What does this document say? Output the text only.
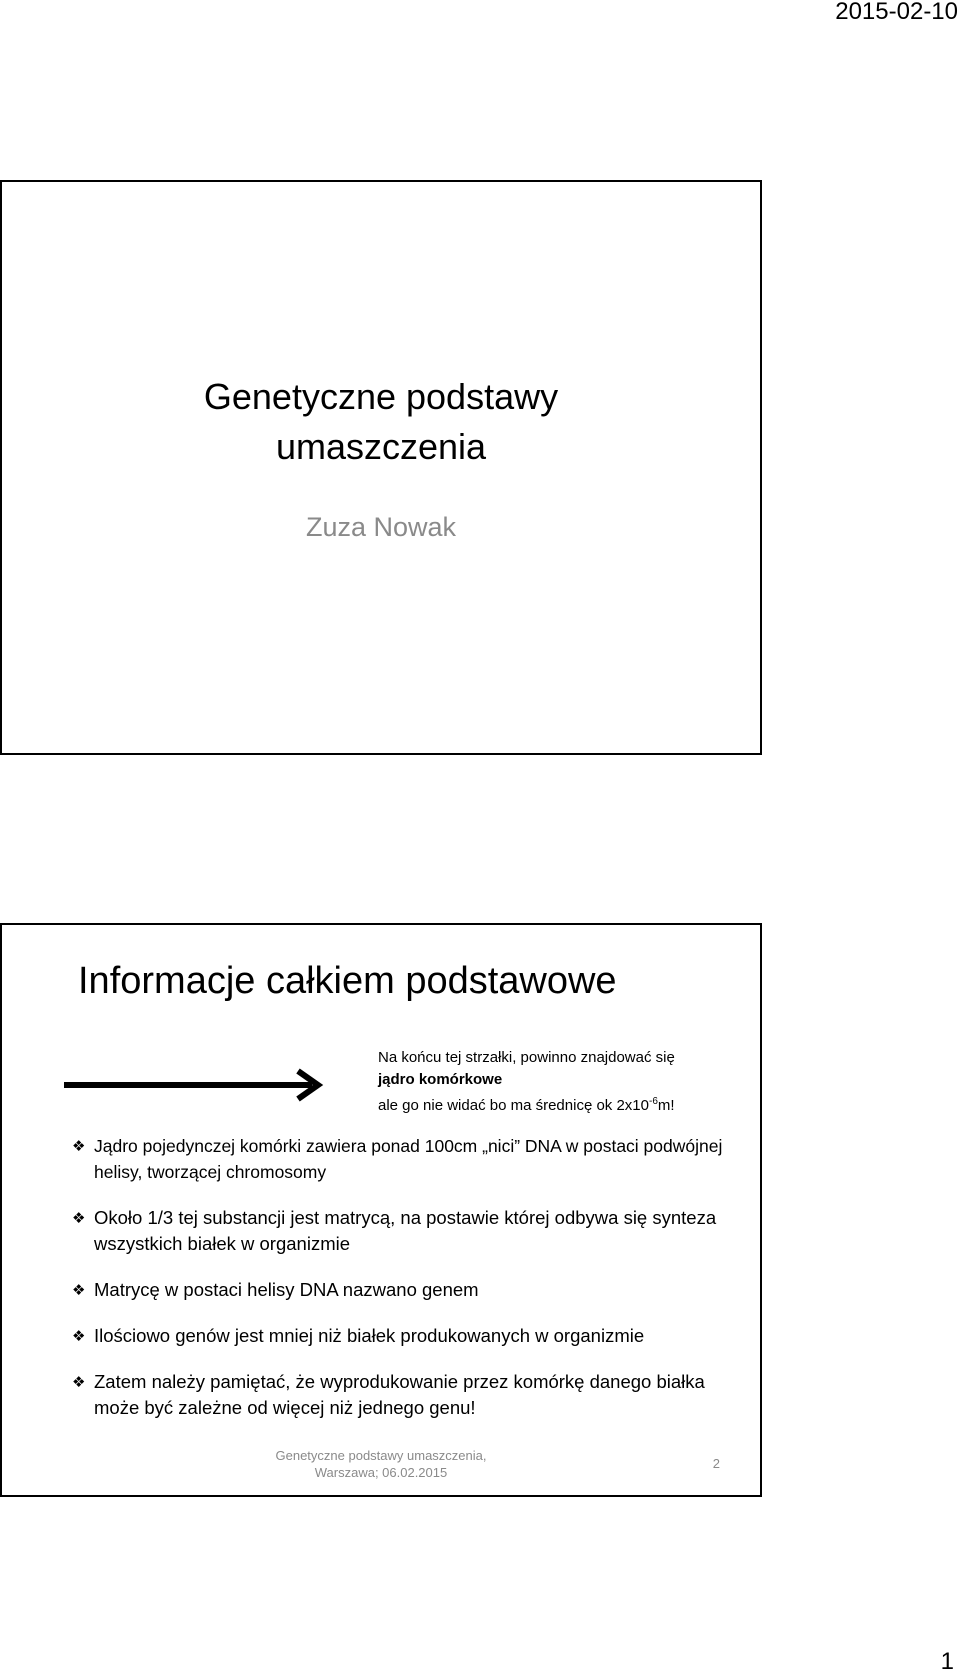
2015-02-10
Genetyczne podstawy
umaszczenia
Zuza Nowak
Informacje całkiem podstawowe
Na końcu tej strzałki, powinno znajdować się
jądro komórkowe
ale go nie widać bo ma średnicę ok $2x10^{-6}m$!
❖ Jądro pojedynczej komórki zawiera ponad 100cm „nici” DNA w postaci podwójnej helisy, tworzącej chromosomy
❖ Około 1/3 tej substancji jest matrycą, na postawie której odbywa się synteza wszystkich białek w organizmie
❖ Matrycę w postaci helisy DNA nazwano genem
❖ Ilościowo genów jest mniej niż białek produkowanych w organizmie
❖ Zatem należy pamiętać, że wyprodukowanie przez komórkę danego białka może być zależne od więcej niż jednego genu!
Genetyczne podstawy umaszczenia,
Warszawa; 06.02.2015
2
1
